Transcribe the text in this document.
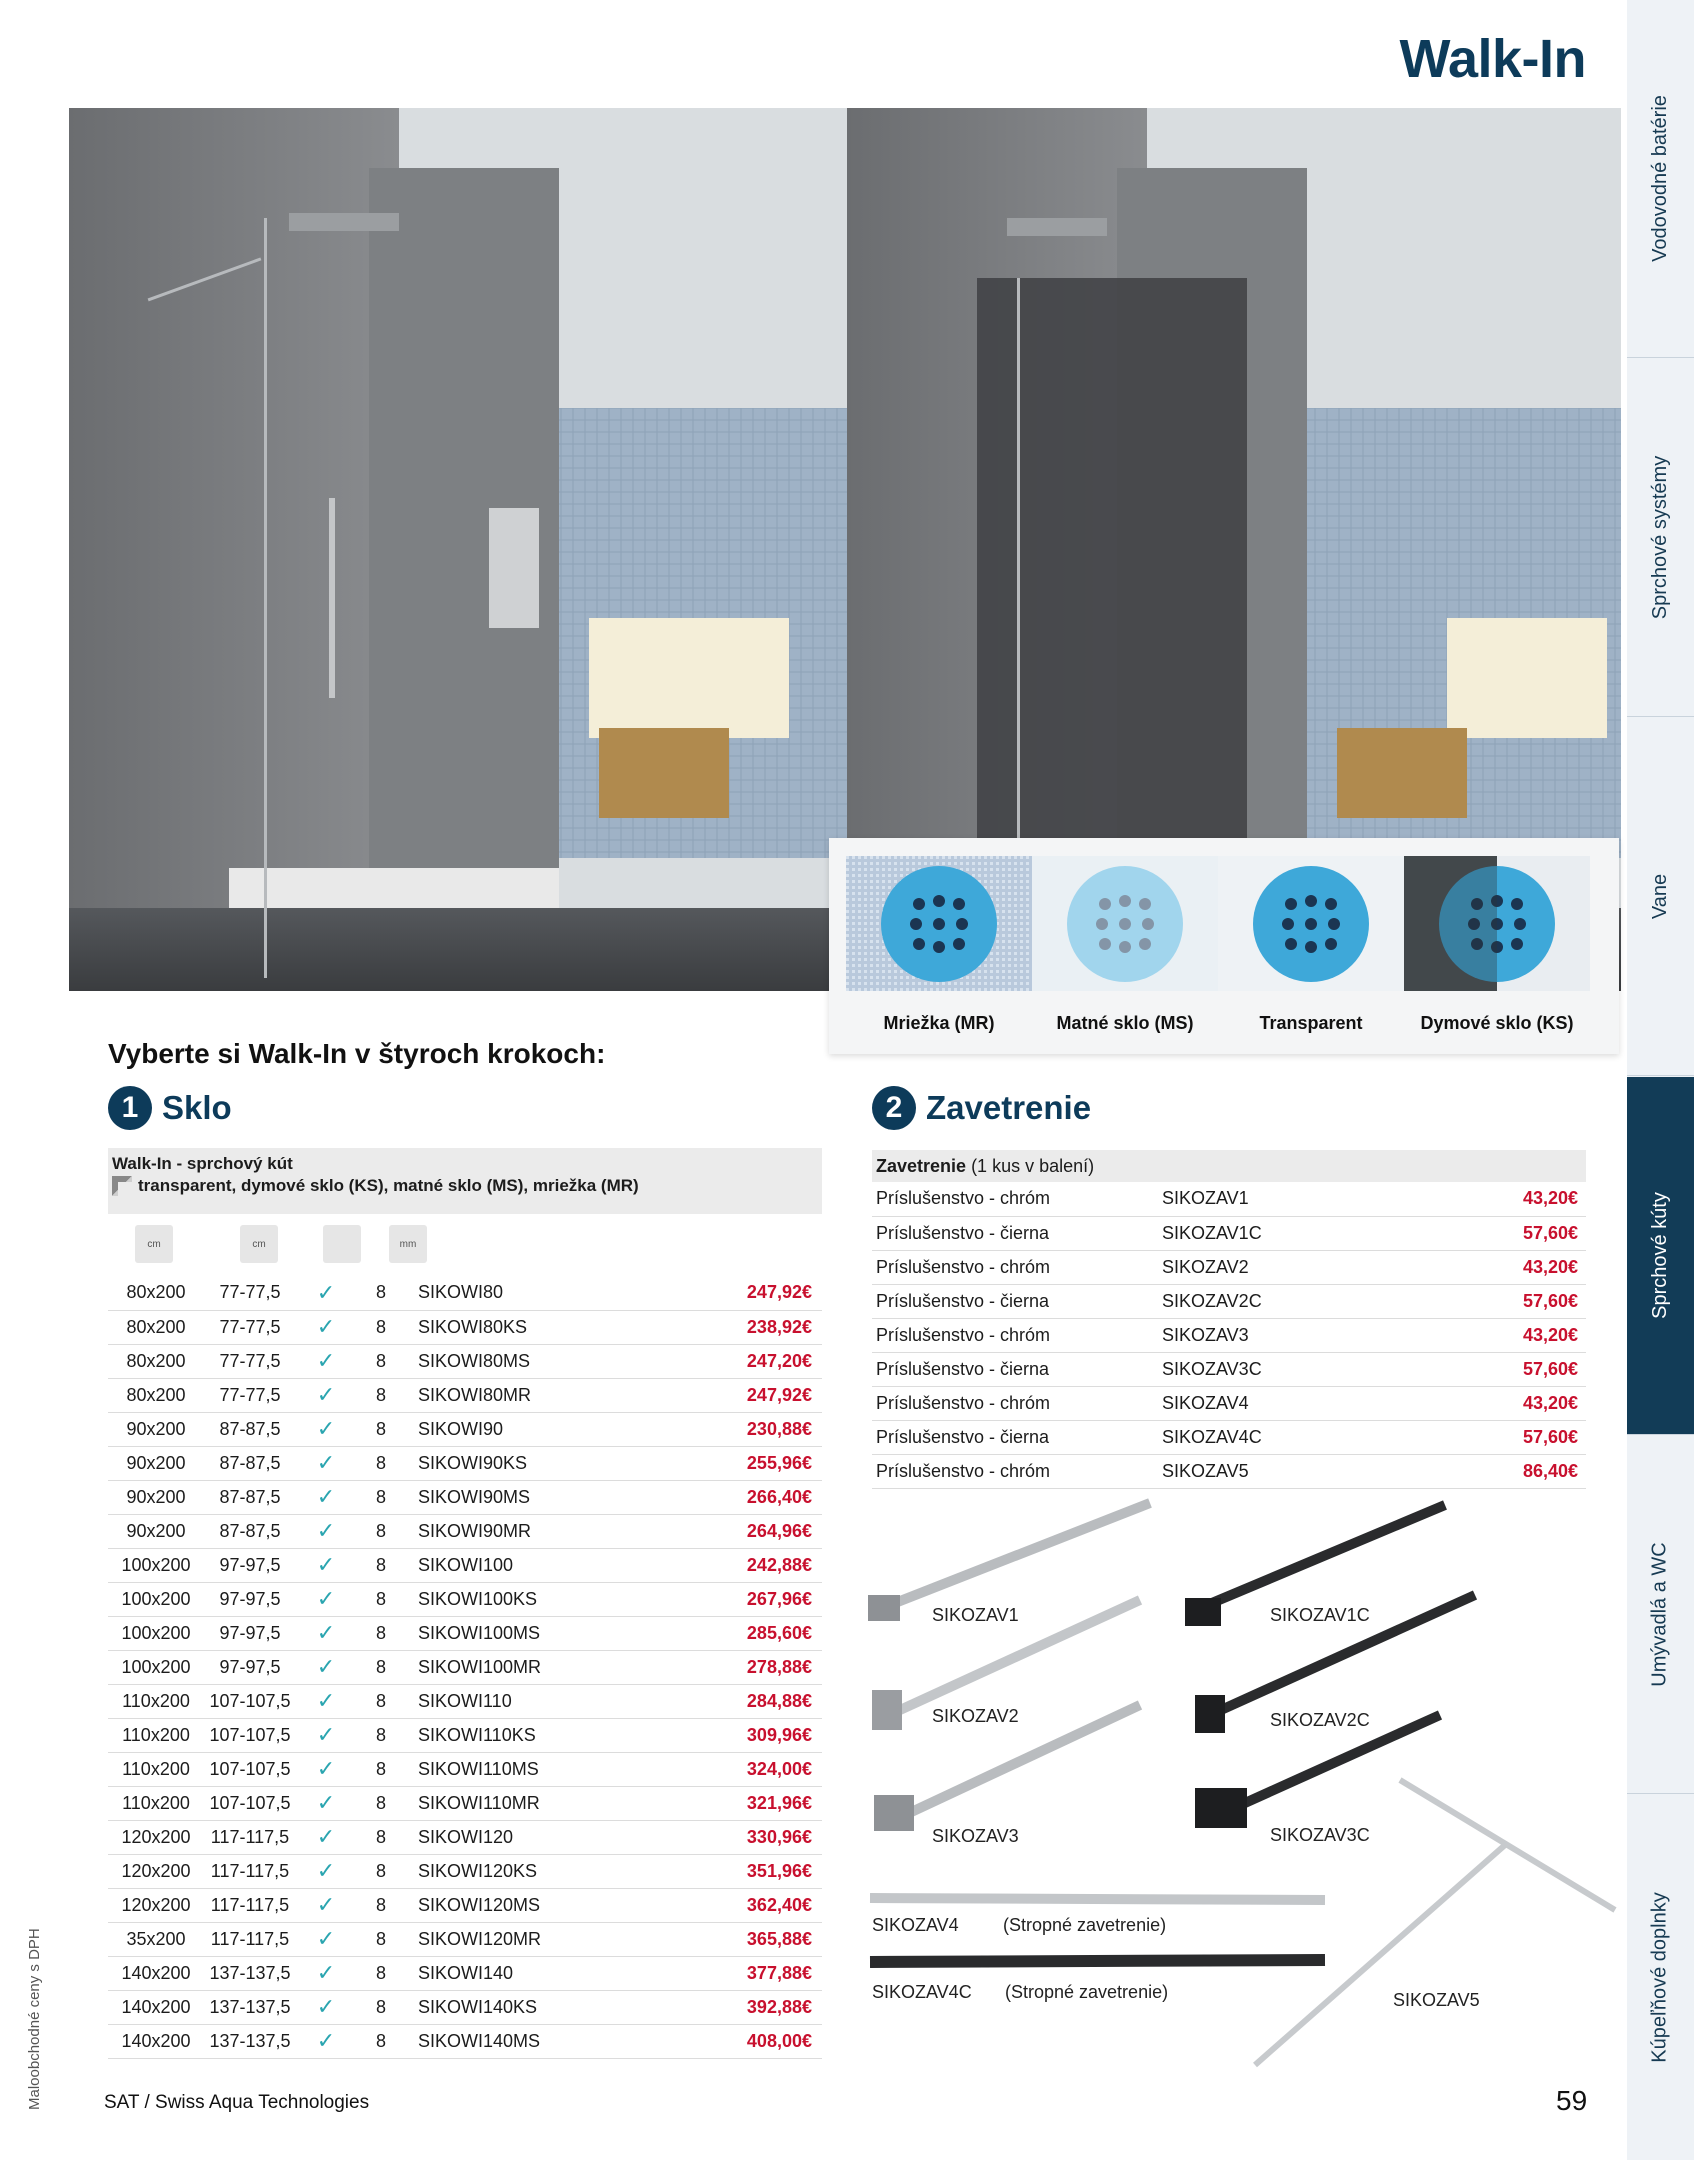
Vodovodné batérie
Sprchové systémy
Vane
Sprchové kúty
Umývadlá a WC
Kúpeľňové doplnky
Walk-In
Mriežka (MR)	Matné sklo (MS)	Transparent	Dymové sklo (KS)
Vyberte si Walk-In v štyroch krokoch:
1 Sklo
Walk-In - sprchový kút
transparent, dymové sklo (KS), matné sklo (MS), mriežka (MR)
cm	cm	mm
80x200	77-77,5	✓	8	SIKOWI80	247,92€
80x200	77-77,5	✓	8	SIKOWI80KS	238,92€
80x200	77-77,5	✓	8	SIKOWI80MS	247,20€
80x200	77-77,5	✓	8	SIKOWI80MR	247,92€
90x200	87-87,5	✓	8	SIKOWI90	230,88€
90x200	87-87,5	✓	8	SIKOWI90KS	255,96€
90x200	87-87,5	✓	8	SIKOWI90MS	266,40€
90x200	87-87,5	✓	8	SIKOWI90MR	264,96€
100x200	97-97,5	✓	8	SIKOWI100	242,88€
100x200	97-97,5	✓	8	SIKOWI100KS	267,96€
100x200	97-97,5	✓	8	SIKOWI100MS	285,60€
100x200	97-97,5	✓	8	SIKOWI100MR	278,88€
110x200	107-107,5	✓	8	SIKOWI110	284,88€
110x200	107-107,5	✓	8	SIKOWI110KS	309,96€
110x200	107-107,5	✓	8	SIKOWI110MS	324,00€
110x200	107-107,5	✓	8	SIKOWI110MR	321,96€
120x200	117-117,5	✓	8	SIKOWI120	330,96€
120x200	117-117,5	✓	8	SIKOWI120KS	351,96€
120x200	117-117,5	✓	8	SIKOWI120MS	362,40€
35x200	117-117,5	✓	8	SIKOWI120MR	365,88€
140x200	137-137,5	✓	8	SIKOWI140	377,88€
140x200	137-137,5	✓	8	SIKOWI140KS	392,88€
140x200	137-137,5	✓	8	SIKOWI140MS	408,00€
2 Zavetrenie
Zavetrenie (1 kus v balení)		
Príslušenstvo - chróm	SIKOZAV1	43,20€
Príslušenstvo - čierna	SIKOZAV1C	57,60€
Príslušenstvo - chróm	SIKOZAV2	43,20€
Príslušenstvo - čierna	SIKOZAV2C	57,60€
Príslušenstvo - chróm	SIKOZAV3	43,20€
Príslušenstvo - čierna	SIKOZAV3C	57,60€
Príslušenstvo - chróm	SIKOZAV4	43,20€
Príslušenstvo - čierna	SIKOZAV4C	57,60€
Príslušenstvo - chróm	SIKOZAV5	86,40€
SIKOZAV1	SIKOZAV1C
SIKOZAV2	SIKOZAV2C
SIKOZAV3	SIKOZAV3C
SIKOZAV4 (Stropné zavetrenie)
SIKOZAV4C (Stropné zavetrenie)	SIKOZAV5
Maloobchodné ceny s DPH	SAT / Swiss Aqua Technologies	59
